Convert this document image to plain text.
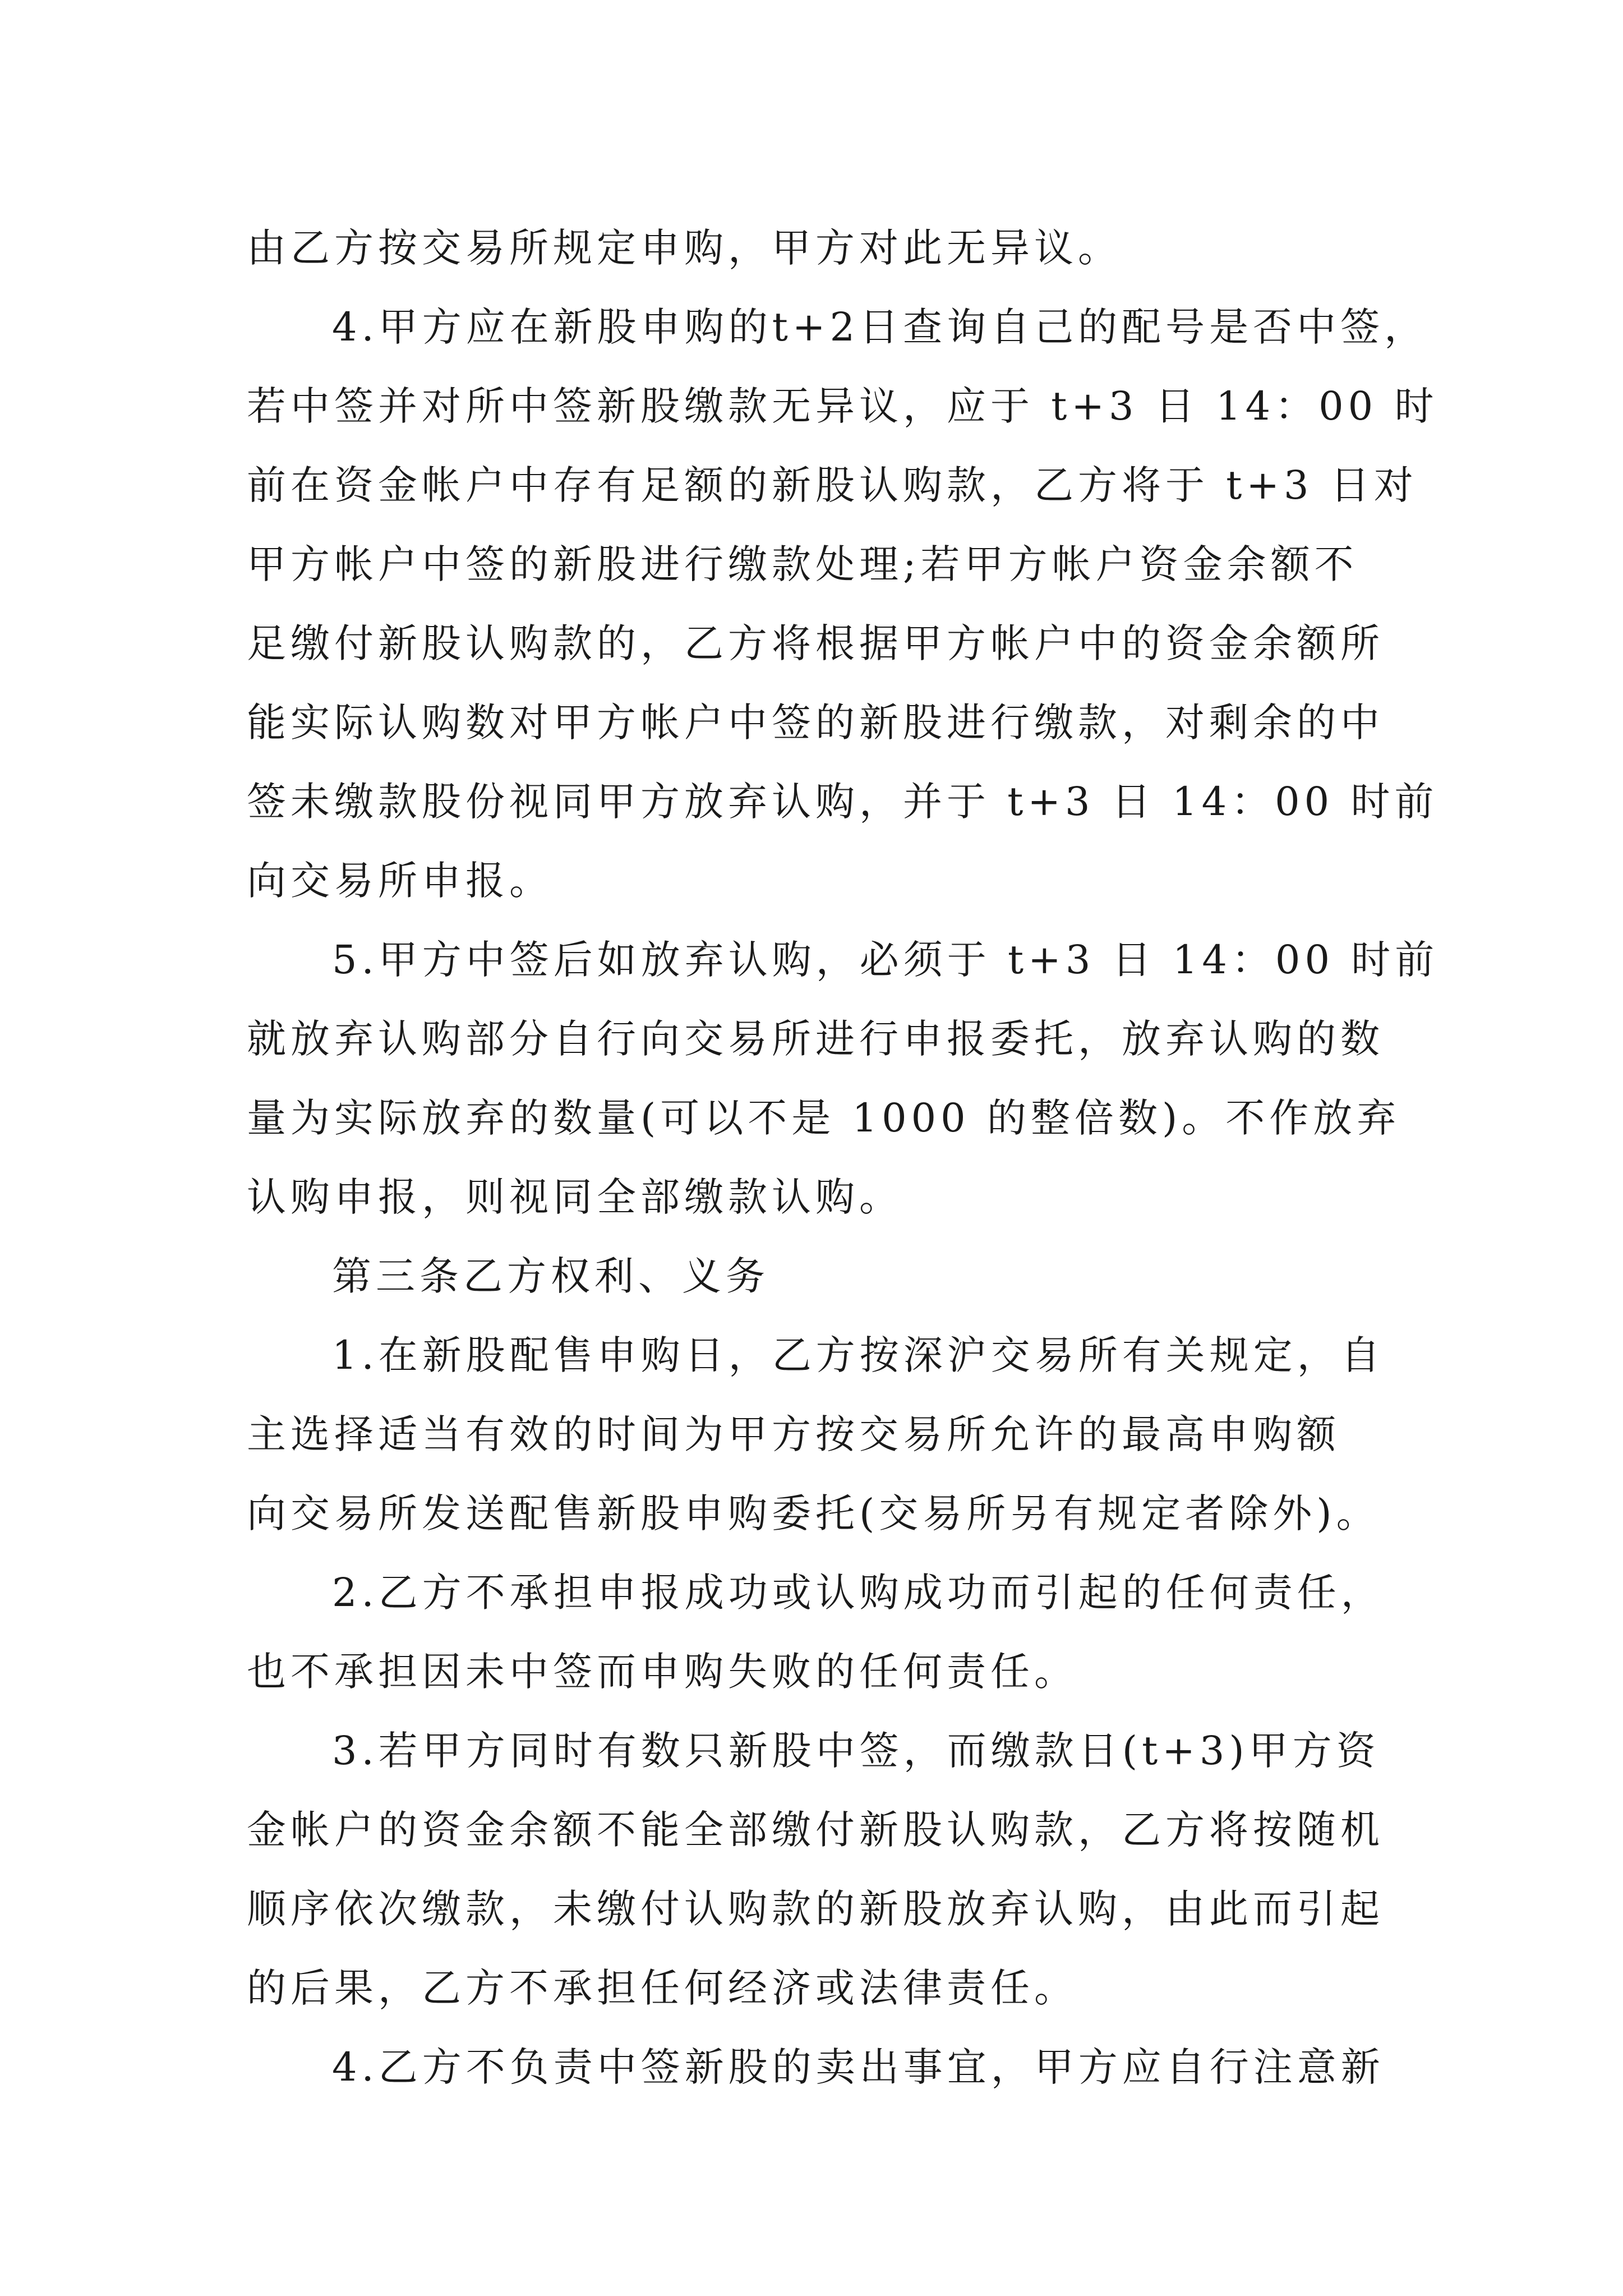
由乙方按交易所规定申购，甲方对此无异议。
4.甲方应在新股申购的t+2日查询自己的配号是否中签，
若中签并对所中签新股缴款无异议，应于 t+3 日 14：00 时
前在资金帐户中存有足额的新股认购款，乙方将于 t+3 日对
甲方帐户中签的新股进行缴款处理;若甲方帐户资金余额不
足缴付新股认购款的，乙方将根据甲方帐户中的资金余额所
能实际认购数对甲方帐户中签的新股进行缴款，对剩余的中
签未缴款股份视同甲方放弃认购，并于 t+3 日 14：00 时前
向交易所申报。
5.甲方中签后如放弃认购，必须于 t+3 日 14：00 时前
就放弃认购部分自行向交易所进行申报委托，放弃认购的数
量为实际放弃的数量(可以不是 1000 的整倍数)。不作放弃
认购申报，则视同全部缴款认购。
第三条乙方权利、义务
1.在新股配售申购日，乙方按深沪交易所有关规定，自
主选择适当有效的时间为甲方按交易所允许的最高申购额
向交易所发送配售新股申购委托(交易所另有规定者除外)。
2.乙方不承担申报成功或认购成功而引起的任何责任，
也不承担因未中签而申购失败的任何责任。
3.若甲方同时有数只新股中签，而缴款日(t+3)甲方资
金帐户的资金余额不能全部缴付新股认购款，乙方将按随机
顺序依次缴款，未缴付认购款的新股放弃认购，由此而引起
的后果，乙方不承担任何经济或法律责任。
4.乙方不负责中签新股的卖出事宜，甲方应自行注意新
